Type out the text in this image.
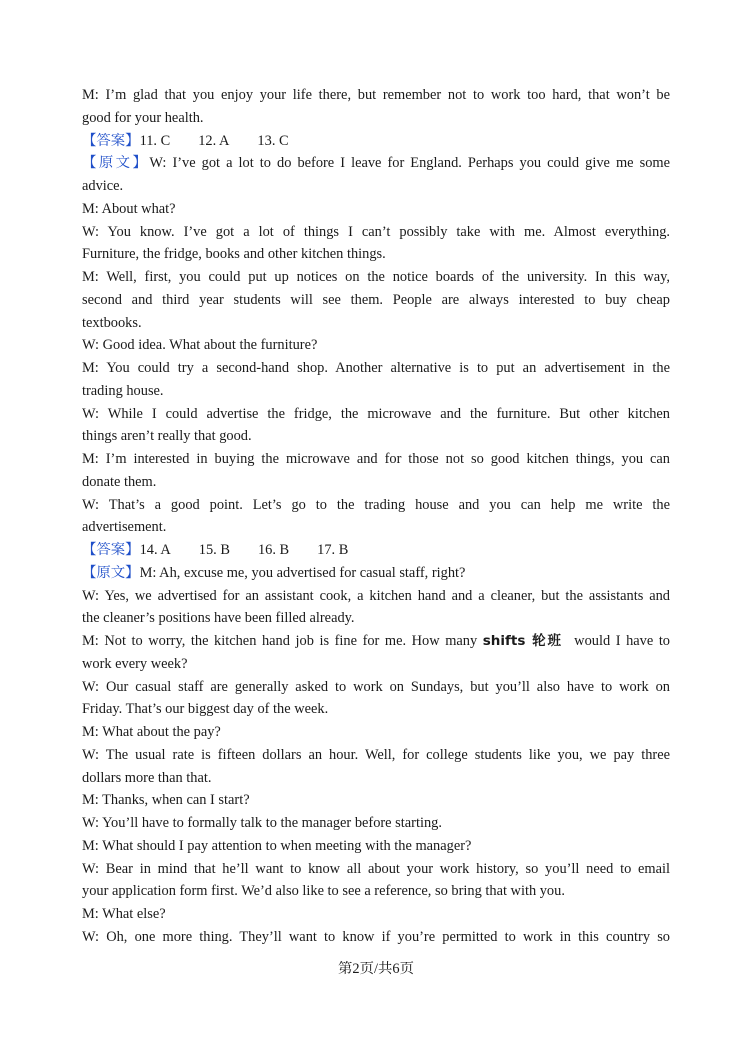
M: I’m glad that you enjoy your life there, but remember not to work too hard, that won’t be
good for your health.
【答案】11. C 12. A 13. C
【原文】W: I’ve got a lot to do before I leave for England. Perhaps you could give me some
advice.
M: About what?
W: You know. I’ve got a lot of things I can’t possibly take with me. Almost everything.
Furniture, the fridge, books and other kitchen things.
M: Well, first, you could put up notices on the notice boards of the university. In this way,
second and third year students will see them. People are always interested to buy cheap
textbooks.
W: Good idea. What about the furniture?
M: You could try a second-hand shop. Another alternative is to put an advertisement in the
trading house.
W: While I could advertise the fridge, the microwave and the furniture. But other kitchen
things aren’t really that good.
M: I’m interested in buying the microwave and for those not so good kitchen things, you can
donate them.
W: That’s a good point. Let’s go to the trading house and you can help me write the
advertisement.
【答案】14. A 15. B 16. B 17. B
【原文】M: Ah, excuse me, you advertised for casual staff, right?
W: Yes, we advertised for an assistant cook, a kitchen hand and a cleaner, but the assistants and
the cleaner’s positions have been filled already.
M: Not to worry, the kitchen hand job is fine for me. How many shifts 轮班 would I have to
work every week?
W: Our casual staff are generally asked to work on Sundays, but you’ll also have to work on
Friday. That’s our biggest day of the week.
M: What about the pay?
W: The usual rate is fifteen dollars an hour. Well, for college students like you, we pay three
dollars more than that.
M: Thanks, when can I start?
W: You’ll have to formally talk to the manager before starting.
M: What should I pay attention to when meeting with the manager?
W: Bear in mind that he’ll want to know all about your work history, so you’ll need to email
your application form first. We’d also like to see a reference, so bring that with you.
M: What else?
W: Oh, one more thing. They’ll want to know if you’re permitted to work in this country so
第2页/共6页
